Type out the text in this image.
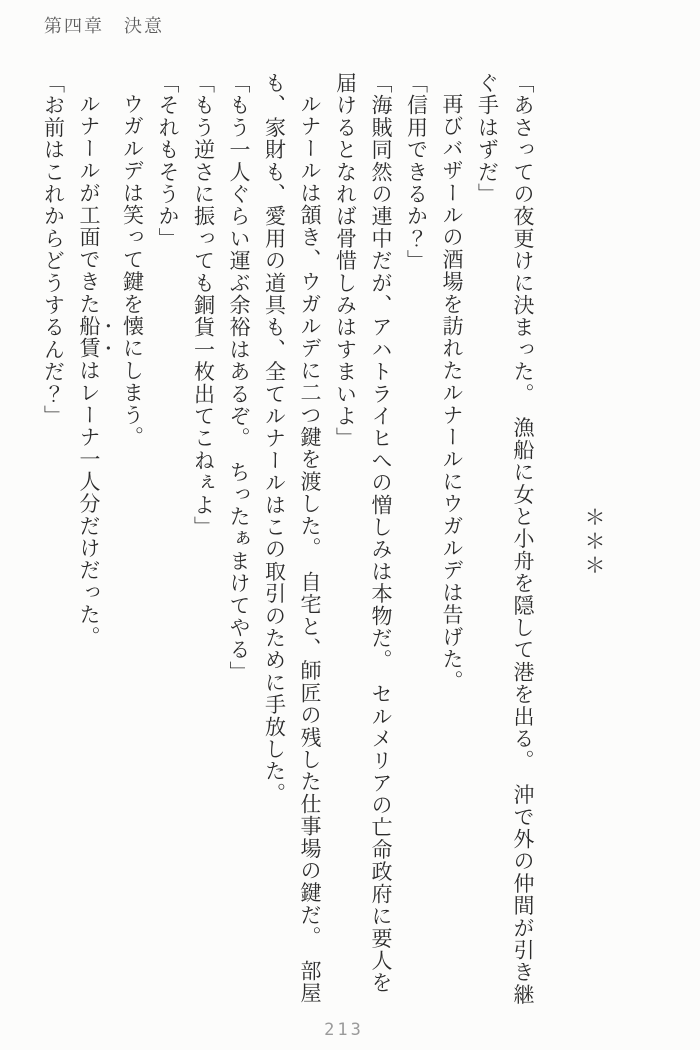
第四章　決意

＊＊＊

「あさっての夜更けに決まった。　漁船に女と小舟を隠して港を出る。　沖で外の仲間が引き継ぐ手はずだ」

再びバザールの酒場を訪れたルナールにウガルデは告げた。

「信用できるか？」

「海賊同然の連中だが、アハトライヒへの憎しみは本物だ。　セルメリアの亡命政府に要人を届けるとなれば骨惜しみはすまいよ」

ルナールは頷き、ウガルデに二つ鍵を渡した。　自宅と、師匠の残した仕事場の鍵だ。　部屋も、家財も、愛用の道具も、全てルナールはこの取引のために手放した。

「もう一人ぐらい運ぶ余裕はあるぞ。　ちったぁまけてやる」

「もう逆さに振っても銅貨一枚出てこねぇよ」

「それもそうか」

ウガルデは笑って鍵を懐にしまう。

ルナールが工面できた船賃はレーナ一人分だけだった。

「お前はこれからどうするんだ？」

213
